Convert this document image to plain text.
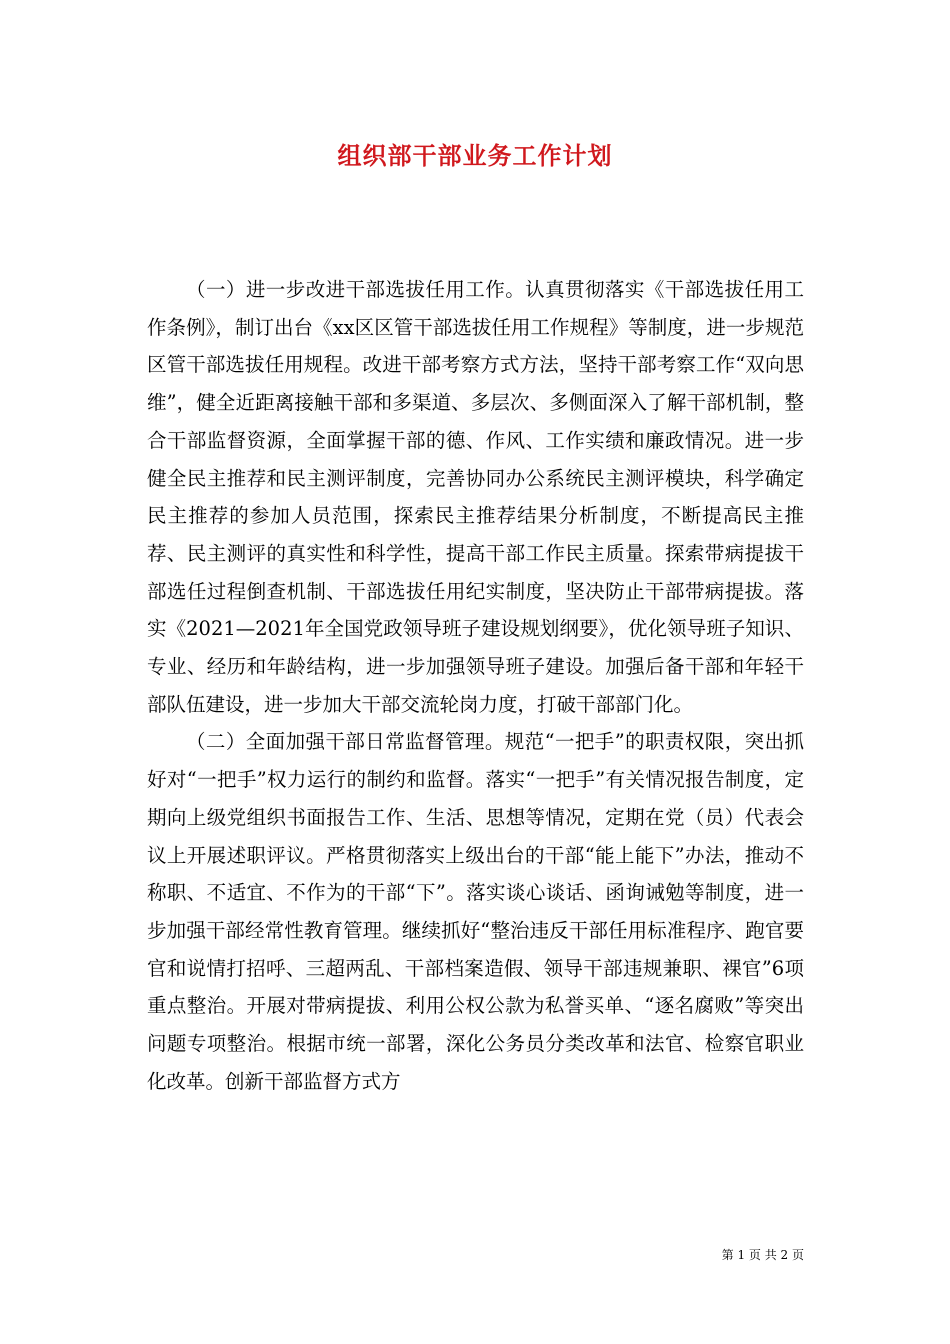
组织部干部业务工作计划

（一）进一步改进干部选拔任用工作。认真贯彻落实《干部选拔任用工作条例》，制订出台《xx区区管干部选拔任用工作规程》等制度，进一步规范区管干部选拔任用规程。改进干部考察方式方法，坚持干部考察工作“双向思维”，健全近距离接触干部和多渠道、多层次、多侧面深入了解干部机制，整合干部监督资源，全面掌握干部的德、作风、工作实绩和廉政情况。进一步健全民主推荐和民主测评制度，完善协同办公系统民主测评模块，科学确定民主推荐的参加人员范围，探索民主推荐结果分析制度，不断提高民主推荐、民主测评的真实性和科学性，提高干部工作民主质量。探索带病提拔干部选任过程倒查机制、干部选拔任用纪实制度，坚决防止干部带病提拔。落实《2021—2021年全国党政领导班子建设规划纲要》，优化领导班子知识、专业、经历和年龄结构，进一步加强领导班子建设。加强后备干部和年轻干部队伍建设，进一步加大干部交流轮岗力度，打破干部部门化。

（二）全面加强干部日常监督管理。规范“一把手”的职责权限，突出抓好对“一把手”权力运行的制约和监督。落实“一把手”有关情况报告制度，定期向上级党组织书面报告工作、生活、思想等情况，定期在党（员）代表会议上开展述职评议。严格贯彻落实上级出台的干部“能上能下”办法，推动不称职、不适宜、不作为的干部“下”。落实谈心谈话、函询诫勉等制度，进一步加强干部经常性教育管理。继续抓好“整治违反干部任用标准程序、跑官要官和说情打招呼、三超两乱、干部档案造假、领导干部违规兼职、裸官”6项重点整治。开展对带病提拔、利用公权公款为私誉买单、“逐名腐败”等突出问题专项整治。根据市统一部署，深化公务员分类改革和法官、检察官职业化改革。创新干部监督方式方

第 1 页 共 2 页
